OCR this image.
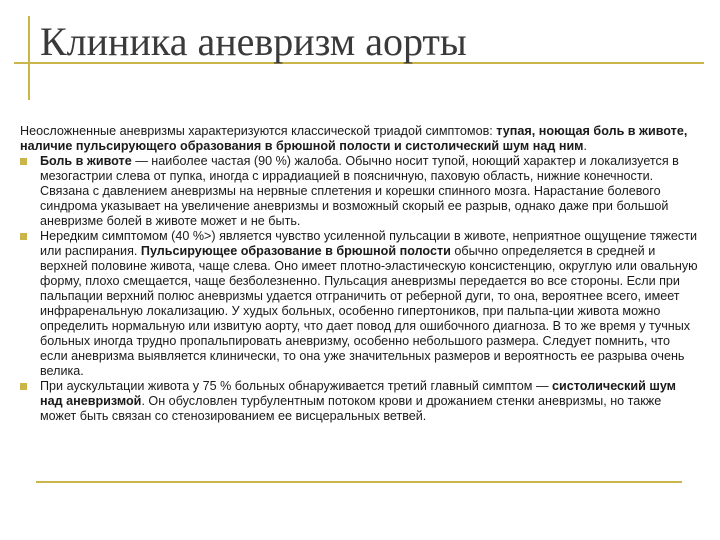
Клиника аневризм аорты

Неосложненные аневризмы характеризуются классической триадой симптомов: тупая, ноющая боль в животе, наличие пульсирующего образования в брюшной полости и систолический шум над ним.

Боль в животе — наиболее частая (90 %) жалоба. Обычно носит тупой, ноющий характер и локализуется в мезогастрии слева от пупка, иногда с иррадиацией в поясничную, паховую область, нижние конечности. Связана с давлением аневризмы на нервные сплетения и корешки спинного мозга. Нарастание болевого синдрома указывает на увеличение аневризмы и возможный скорый ее разрыв, однако даже при большой аневризме болей в животе может и не быть.
Нередким симптомом (40 %>) является чувство усиленной пульсации в животе, неприятное ощущение тяжести или распирания. Пульсирующее образование в брюшной полости обычно определяется в средней и верхней половине живота, чаще слева. Оно имеет плотно-эластическую консистенцию, округлую или овальную форму, плохо смещается, чаще безболезненно. Пульсация аневризмы передается во все стороны. Если при пальпации верхний полюс аневризмы удается отграничить от реберной дуги, то она, вероятнее всего, имеет инфраренальную локализацию. У худых больных, особенно гипертоников, при пальпа-ции живота можно определить нормальную или извитую аорту, что дает повод для ошибочного диагноза. В то же время у тучных больных иногда трудно пропальпировать аневризму, особенно небольшого размера. Следует помнить, что если аневризма выявляется клинически, то она уже значительных размеров и вероятность ее разрыва очень велика.
При аускультации живота у 75 % больных обнаруживается третий главный симптом — систолический шум над аневризмой. Он обусловлен турбулентным потоком крови и дрожанием стенки аневризмы, но также может быть связан со стенозированием ее висцеральных ветвей.
